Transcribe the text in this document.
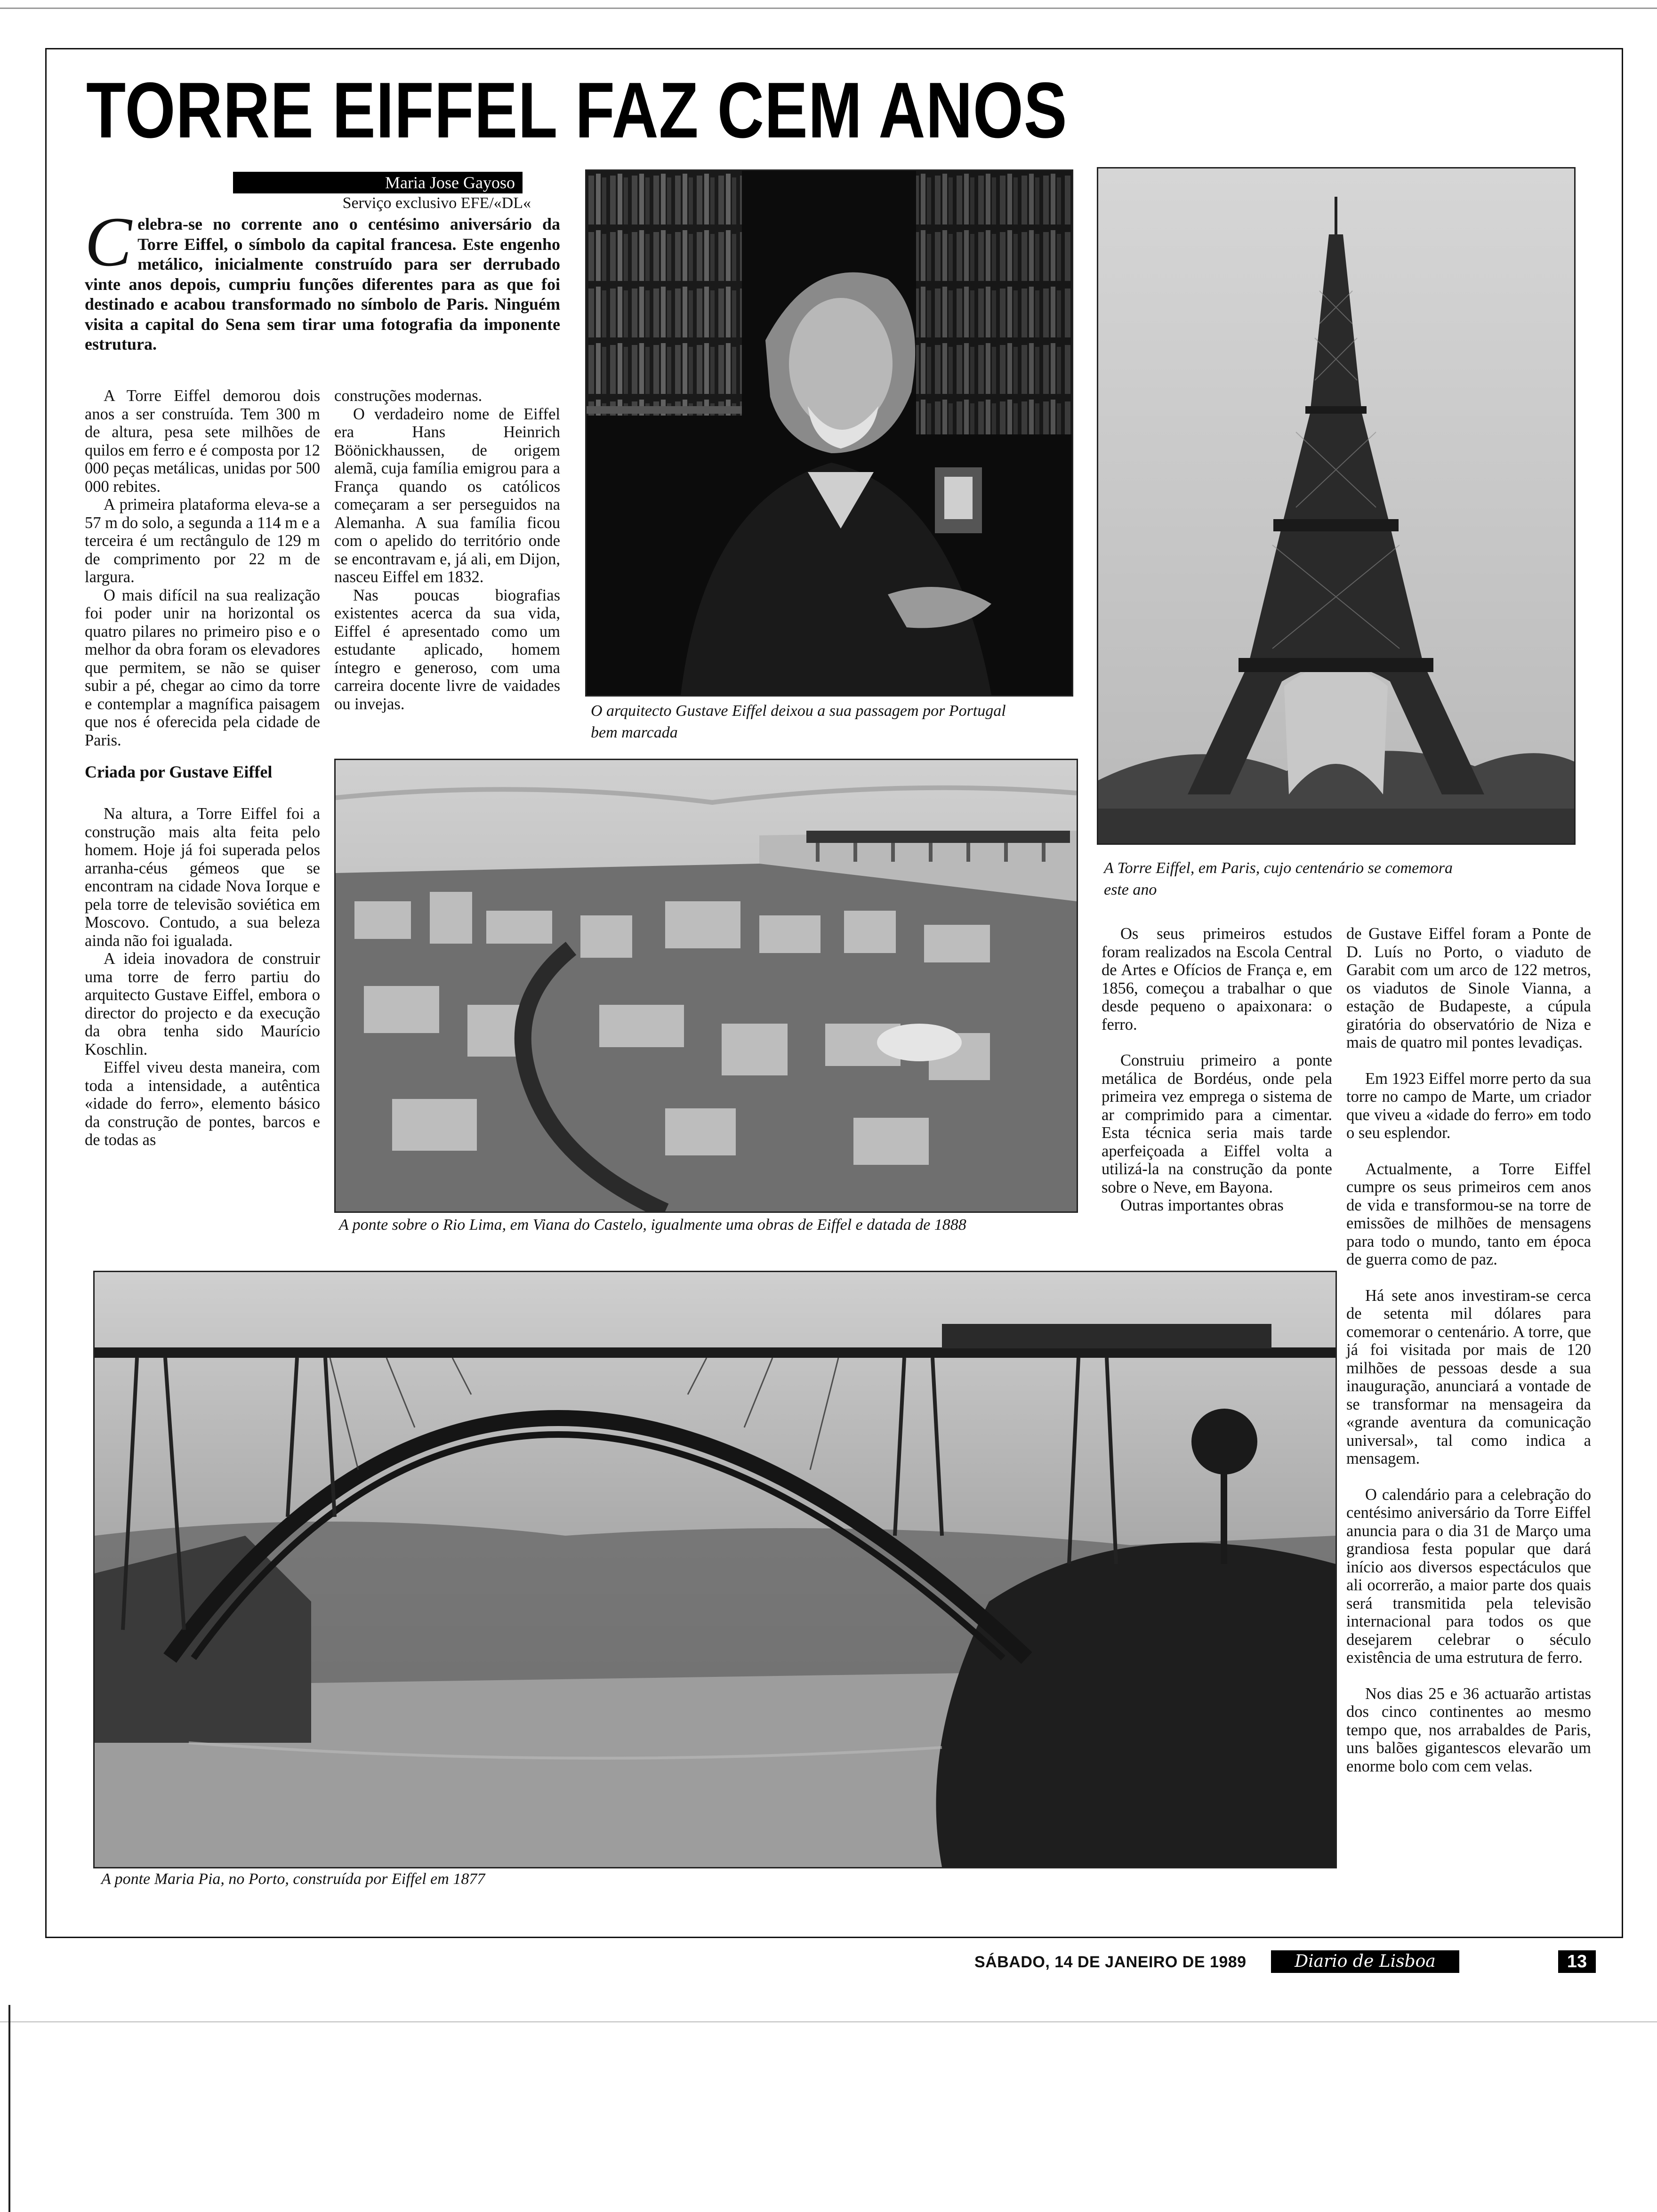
TORRE EIFFEL FAZ CEM ANOS
Maria Jose Gayoso
Serviço exclusivo EFE/«DL«
C elebra-se no corrente ano o centésimo aniversário da Torre Eiffel, o símbolo da capital francesa. Este engenho metálico, inicialmente construído para ser derrubado vinte anos depois, cumpriu funções diferentes para as que foi destinado e acabou transformado no símbolo de Paris. Ninguém visita a capital do Sena sem tirar uma fotografia da imponente estrutura.

A Torre Eiffel demorou dois anos a ser construída. Tem 300 m de altura, pesa sete milhões de quilos em ferro e é composta por 12 000 peças metálicas, unidas por 500 000 rebites.

A primeira plataforma eleva-se a 57 m do solo, a segunda a 114 m e a terceira é um rectângulo de 129 m de comprimento por 22 m de largura.

O mais difícil na sua realização foi poder unir na horizontal os quatro pilares no primeiro piso e o melhor da obra foram os elevadores que permitem, se não se quiser subir a pé, chegar ao cimo da torre e contemplar a magnífica paisagem que nos é oferecida pela cidade de Paris.

Criada por Gustave Eiffel

Na altura, a Torre Eiffel foi a construção mais alta feita pelo homem. Hoje já foi superada pelos arranha-céus gémeos que se encontram na cidade Nova Iorque e pela torre de televisão soviética em Moscovo. Contudo, a sua beleza ainda não foi igualada.

A ideia inovadora de construir uma torre de ferro partiu do arquitecto Gustave Eiffel, embora o director do projecto e da execução da obra tenha sido Maurício Koschlin.

Eiffel viveu desta maneira, com toda a intensidade, a autêntica «idade do ferro», elemento básico da construção de pontes, barcos e de todas as

construções modernas.

O verdadeiro nome de Eiffel era Hans Heinrich Böönickhaussen, de origem alemã, cuja família emigrou para a França quando os católicos começaram a ser perseguidos na Alemanha. A sua família ficou com o apelido do território onde se encontravam e, já ali, em Dijon, nasceu Eiffel em 1832.

Nas poucas biografias existentes acerca da sua vida, Eiffel é apresentado como um estudante aplicado, homem íntegro e generoso, com uma carreira docente livre de vaidades ou invejas.	O arquitecto Gustave Eiffel deixou a sua passagem por Portugal bem marcada
A Torre Eiffel, em Paris, cujo centenário se comemora este ano
A ponte sobre o Rio Lima, em Viana do Castelo, igualmente uma obras de Eiffel e datada de 1888

Os seus primeiros estudos foram realizados na Escola Central de Artes e Ofícios de França e, em 1856, começou a trabalhar o que desde pequeno o apaixonara: o ferro.

Construiu primeiro a ponte metálica de Bordéus, onde pela primeira vez emprega o sistema de ar comprimido para a cimentar. Esta técnica seria mais tarde aperfeiçoada a Eiffel volta a utilizá-la na construção da ponte sobre o Neve, em Bayona.

Outras importantes obras

de Gustave Eiffel foram a Ponte de D. Luís no Porto, o viaduto de Garabit com um arco de 122 metros, os viadutos de Sinole Vianna, a estação de Budapeste, a cúpula giratória do observatório de Niza e mais de quatro mil pontes levadiças.

Em 1923 Eiffel morre perto da sua torre no campo de Marte, um criador que viveu a «idade do ferro» em todo o seu esplendor.

Actualmente, a Torre Eiffel cumpre os seus primeiros cem anos de vida e transformou-se na torre de emissões de milhões de mensagens para todo o mundo, tanto em época de guerra como de paz.

Há sete anos investiram-se cerca de setenta mil dólares para comemorar o centenário. A torre, que já foi visitada por mais de 120 milhões de pessoas desde a sua inauguração, anunciará a vontade de se transformar na mensageira da «grande aventura da comunicação universal», tal como indica a mensagem.

O calendário para a celebração do centésimo aniversário da Torre Eiffel anuncia para o dia 31 de Março uma grandiosa festa popular que dará início aos diversos espectáculos que ali ocorrerão, a maior parte dos quais será transmitida pela televisão internacional para todos os que desejarem celebrar o século existência de uma estrutura de ferro.

Nos dias 25 e 36 actuarão artistas dos cinco continentes ao mesmo tempo que, nos arrabaldes de Paris, uns balões gigantescos elevarão um enorme bolo com cem velas.

A ponte Maria Pia, no Porto, construída por Eiffel em 1877
SÁBADO, 14 DE JANEIRO DE 1989	Diario de Lisboa	13
